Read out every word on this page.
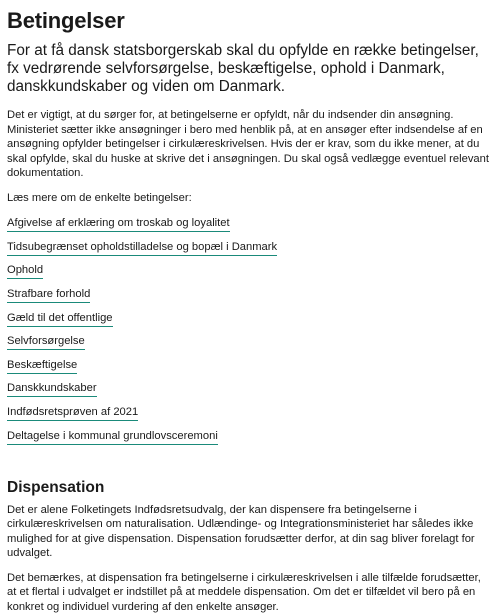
Betingelser

For at få dansk statsborgerskab skal du opfylde en række betingelser, fx vedrørende selvforsørgelse, beskæftigelse, ophold i Danmark, danskkundskaber og viden om Danmark.

Det er vigtigt, at du sørger for, at betingelserne er opfyldt, når du indsender din ansøgning. Ministeriet sætter ikke ansøgninger i bero med henblik på, at en ansøger efter indsendelse af en ansøgning opfylder betingelser i cirkulæreskrivelsen. Hvis der er krav, som du ikke mener, at du skal opfylde, skal du huske at skrive det i ansøgningen. Du skal også vedlægge eventuel relevant dokumentation.

Læs mere om de enkelte betingelser:

Afgivelse af erklæring om troskab og loyalitet
Tidsubegrænset opholdstilladelse og bopæl i Danmark
Ophold
Strafbare forhold
Gæld til det offentlige
Selvforsørgelse
Beskæftigelse
Danskkundskaber
Indfødsretsprøven af 2021
Deltagelse i kommunal grundlovsceremoni
Dispensation

Det er alene Folketingets Indfødsretsudvalg, der kan dispensere fra betingelserne i cirkulæreskrivelsen om naturalisation. Udlændinge- og Integrationsministeriet har således ikke mulighed for at give dispensation. Dispensation forudsætter derfor, at din sag bliver forelagt for udvalget.

Det bemærkes, at dispensation fra betingelserne i cirkulæreskrivelsen i alle tilfælde forudsætter, at et flertal i udvalget er indstillet på at meddele dispensation. Om det er tilfældet vil bero på en konkret og individuel vurdering af den enkelte ansøger.
